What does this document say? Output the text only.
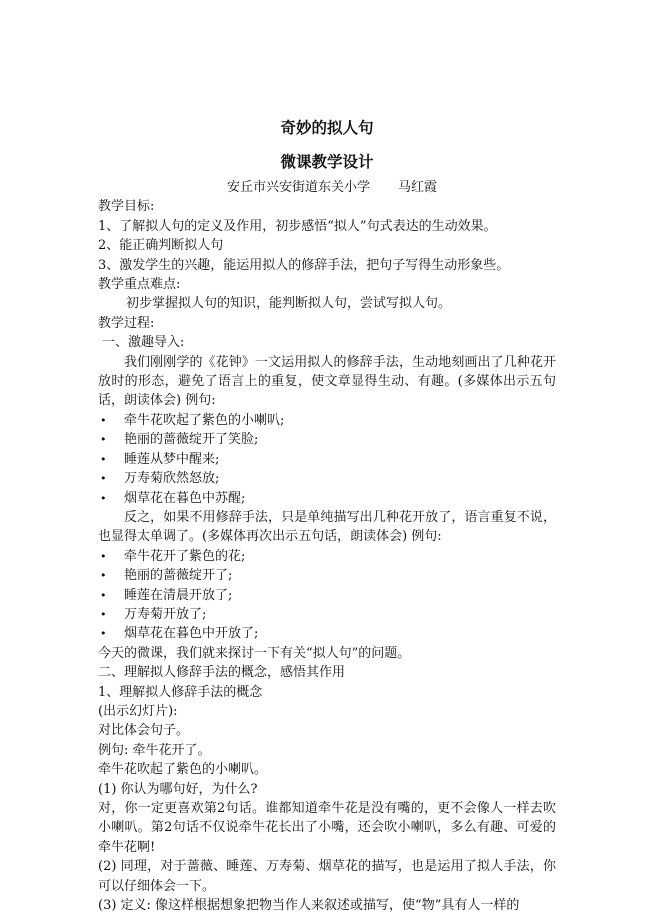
奇妙的拟人句

微课教学设计

安丘市兴安街道东关小学 马红霞

教学目标:

1、了解拟人句的定义及作用，初步感悟“拟人”句式表达的生动效果。

2、能正确判断拟人句

3、激发学生的兴趣，能运用拟人的修辞手法，把句子写得生动形象些。

教学重点难点:

初步掌握拟人句的知识，能判断拟人句，尝试写拟人句。

教学过程:

一、激趣导入:

我们刚刚学的《花钟》一文运用拟人的修辞手法，生动地刻画出了几种花开放时的形态，避免了语言上的重复，使文章显得生动、有趣。(多媒体出示五句话，朗读体会) 例句:

• 牵牛花吹起了紫色的小喇叭;
• 艳丽的蔷薇绽开了笑脸;
• 睡莲从梦中醒来;
• 万寿菊欣然怒放;
• 烟草花在暮色中苏醒;

反之，如果不用修辞手法，只是单纯描写出几种花开放了，语言重复不说，也显得太单调了。(多媒体再次出示五句话，朗读体会) 例句:

• 牵牛花开了紫色的花;
• 艳丽的蔷薇绽开了;
• 睡莲在清晨开放了;
• 万寿菊开放了;
• 烟草花在暮色中开放了;

今天的微课，我们就来探讨一下有关“拟人句”的问题。

二、理解拟人修辞手法的概念，感悟其作用

1、理解拟人修辞手法的概念

(出示幻灯片):

对比体会句子。

例句: 牵牛花开了。

牵牛花吹起了紫色的小喇叭。

(1) 你认为哪句好，为什么?

对，你一定更喜欢第2句话。谁都知道牵牛花是没有嘴的，更不会像人一样去吹小喇叭。第2句话不仅说牵牛花长出了小嘴，还会吹小喇叭，多么有趣、可爱的牵牛花啊!

(2) 同理，对于蔷薇、睡莲、万寿菊、烟草花的描写，也是运用了拟人手法，你可以仔细体会一下。

(3) 定义: 像这样根据想象把物当作人来叙述或描写，使“物”具有人一样的
